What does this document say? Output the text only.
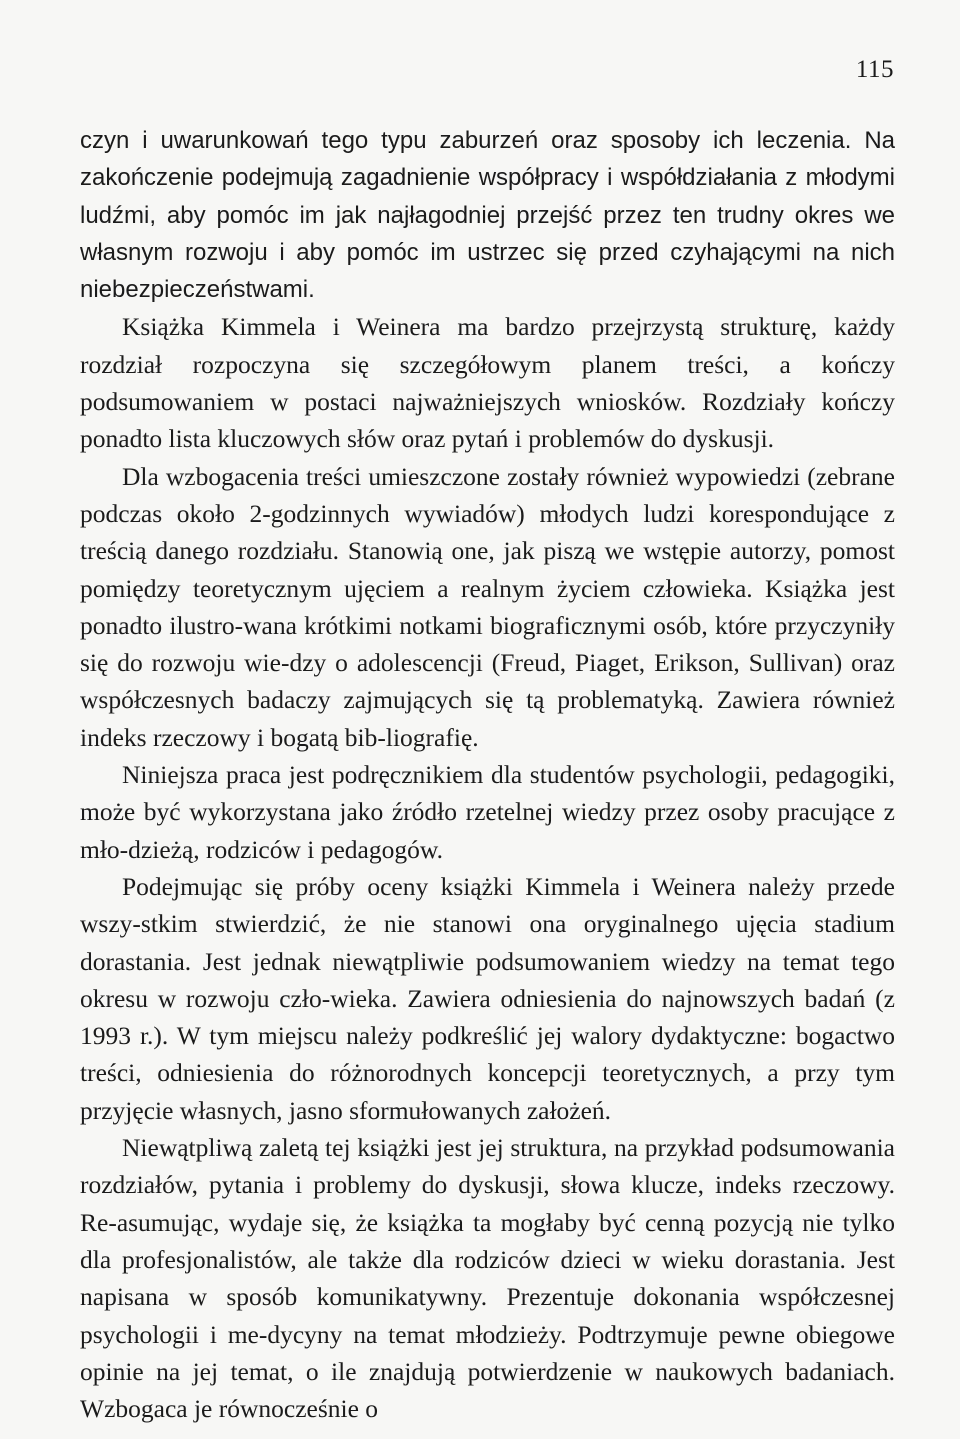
115

czyn i uwarunkowań tego typu zaburzeń oraz sposoby ich leczenia. Na zakończenie podejmują zagadnienie współpracy i współdziałania z młodymi ludźmi, aby pomóc im jak najłagodniej przejść przez ten trudny okres we własnym rozwoju i aby pomóc im ustrzec się przed czyhającymi na nich niebezpieczeństwami.

Książka Kimmela i Weinera ma bardzo przejrzystą strukturę, każdy rozdział rozpoczyna się szczegółowym planem treści, a kończy podsumowaniem w postaci najważniejszych wniosków. Rozdziały kończy ponadto lista kluczowych słów oraz pytań i problemów do dyskusji.

Dla wzbogacenia treści umieszczone zostały również wypowiedzi (zebrane podczas około 2-godzinnych wywiadów) młodych ludzi korespondujące z treścią danego rozdziału. Stanowią one, jak piszą we wstępie autorzy, pomost pomiędzy teoretycznym ujęciem a realnym życiem człowieka. Książka jest ponadto ilustro-wana krótkimi notkami biograficznymi osób, które przyczyniły się do rozwoju wie-dzy o adolescencji (Freud, Piaget, Erikson, Sullivan) oraz współczesnych badaczy zajmujących się tą problematyką. Zawiera również indeks rzeczowy i bogatą bib-liografię.

Niniejsza praca jest podręcznikiem dla studentów psychologii, pedagogiki, może być wykorzystana jako źródło rzetelnej wiedzy przez osoby pracujące z mło-dzieżą, rodziców i pedagogów.

Podejmując się próby oceny książki Kimmela i Weinera należy przede wszy-stkim stwierdzić, że nie stanowi ona oryginalnego ujęcia stadium dorastania. Jest jednak niewątpliwie podsumowaniem wiedzy na temat tego okresu w rozwoju czło-wieka. Zawiera odniesienia do najnowszych badań (z 1993 r.). W tym miejscu należy podkreślić jej walory dydaktyczne: bogactwo treści, odniesienia do różnorodnych koncepcji teoretycznych, a przy tym przyjęcie własnych, jasno sformułowanych założeń.

Niewątpliwą zaletą tej książki jest jej struktura, na przykład podsumowania rozdziałów, pytania i problemy do dyskusji, słowa klucze, indeks rzeczowy. Re-asumując, wydaje się, że książka ta mogłaby być cenną pozycją nie tylko dla profesjonalistów, ale także dla rodziców dzieci w wieku dorastania. Jest napisana w sposób komunikatywny. Prezentuje dokonania współczesnej psychologii i me-dycyny na temat młodzieży. Podtrzymuje pewne obiegowe opinie na jej temat, o ile znajdują potwierdzenie w naukowych badaniach. Wzbogaca je równocześnie o
